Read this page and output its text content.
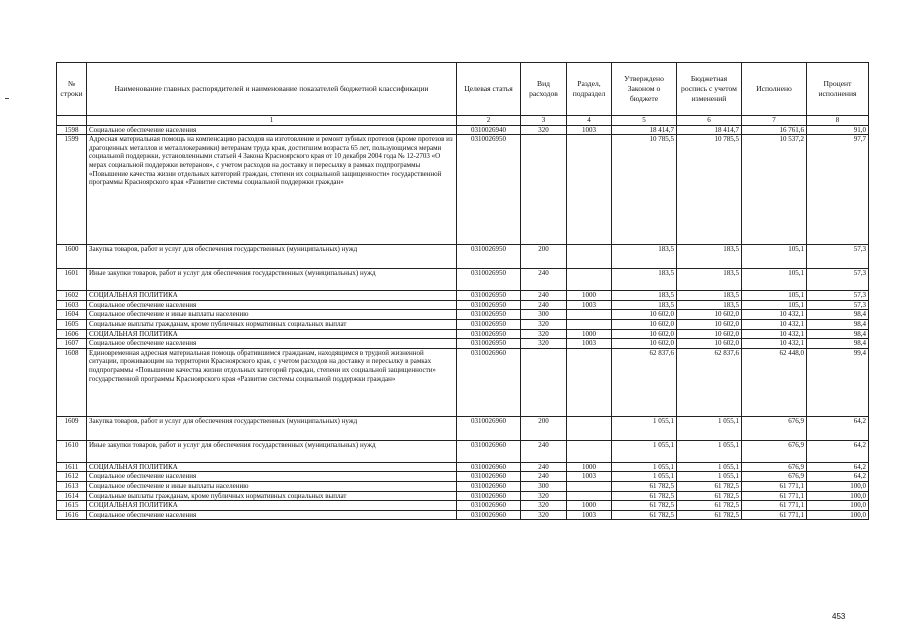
№ строки	Наименование главных распорядителей и наименование показателей бюджетной классификации	Целевая статья	Вид расходов	Раздел, подраздел	Утверждено Законом о бюджете	Бюджетная роспись с учетом изменений	Исполнено	Процент исполнения
	1	2	3	4	5	6	7	8
1598	Социальное обеспечение населения	0310026940	320	1003	18 414,7	18 414,7	16 761,6	91,0
1599	Адресная материальная помощь на компенсацию расходов на изготовление и ремонт зубных протезов (кроме протезов из драгоценных металлов и металлокерамики) ветеранам труда края, достигшим возраста 65 лет, пользующимся мерами социальной поддержки, установленными статьей 4 Закона Красноярского края от 10 декабря 2004 года № 12-2703 «О мерах социальной поддержки ветеранов», с учетом расходов на доставку и пересылку в рамках подпрограммы «Повышение качества жизни отдельных категорий граждан, степени их социальной защищенности» государственной программы Красноярского края «Развитие системы социальной поддержки граждан»	0310026950			10 785,5	10 785,5	10 537,2	97,7
1600	Закупка товаров, работ и услуг для обеспечения государственных (муниципальных) нужд	0310026950	200		183,5	183,5	105,1	57,3
1601	Иные закупки товаров, работ и услуг для обеспечения государственных (муниципальных) нужд	0310026950	240		183,5	183,5	105,1	57,3
1602	СОЦИАЛЬНАЯ ПОЛИТИКА	0310026950	240	1000	183,5	183,5	105,1	57,3
1603	Социальное обеспечение населения	0310026950	240	1003	183,5	183,5	105,1	57,3
1604	Социальное обеспечение и иные выплаты населению	0310026950	300		10 602,0	10 602,0	10 432,1	98,4
1605	Социальные выплаты гражданам, кроме публичных нормативных социальных выплат	0310026950	320		10 602,0	10 602,0	10 432,1	98,4
1606	СОЦИАЛЬНАЯ ПОЛИТИКА	0310026950	320	1000	10 602,0	10 602,0	10 432,1	98,4
1607	Социальное обеспечение населения	0310026950	320	1003	10 602,0	10 602,0	10 432,1	98,4
1608	Единовременная адресная материальная помощь обратившимся гражданам, находящимся в трудной жизненной ситуации, проживающим на территории Красноярского края, с учетом расходов на доставку и пересылку в рамках подпрограммы «Повышение качества жизни отдельных категорий граждан, степени их социальной защищенности» государственной программы Красноярского края «Развитие системы социальной поддержки граждан»	0310026960			62 837,6	62 837,6	62 448,0	99,4
1609	Закупка товаров, работ и услуг для обеспечения государственных (муниципальных) нужд	0310026960	200		1 055,1	1 055,1	676,9	64,2
1610	Иные закупки товаров, работ и услуг для обеспечения государственных (муниципальных) нужд	0310026960	240		1 055,1	1 055,1	676,9	64,2
1611	СОЦИАЛЬНАЯ ПОЛИТИКА	0310026960	240	1000	1 055,1	1 055,1	676,9	64,2
1612	Социальное обеспечение населения	0310026960	240	1003	1 055,1	1 055,1	676,9	64,2
1613	Социальное обеспечение и иные выплаты населению	0310026960	300		61 782,5	61 782,5	61 771,1	100,0
1614	Социальные выплаты гражданам, кроме публичных нормативных социальных выплат	0310026960	320		61 782,5	61 782,5	61 771,1	100,0
1615	СОЦИАЛЬНАЯ ПОЛИТИКА	0310026960	320	1000	61 782,5	61 782,5	61 771,1	100,0
1616	Социальное обеспечение населения	0310026960	320	1003	61 782,5	61 782,5	61 771,1	100,0
453
